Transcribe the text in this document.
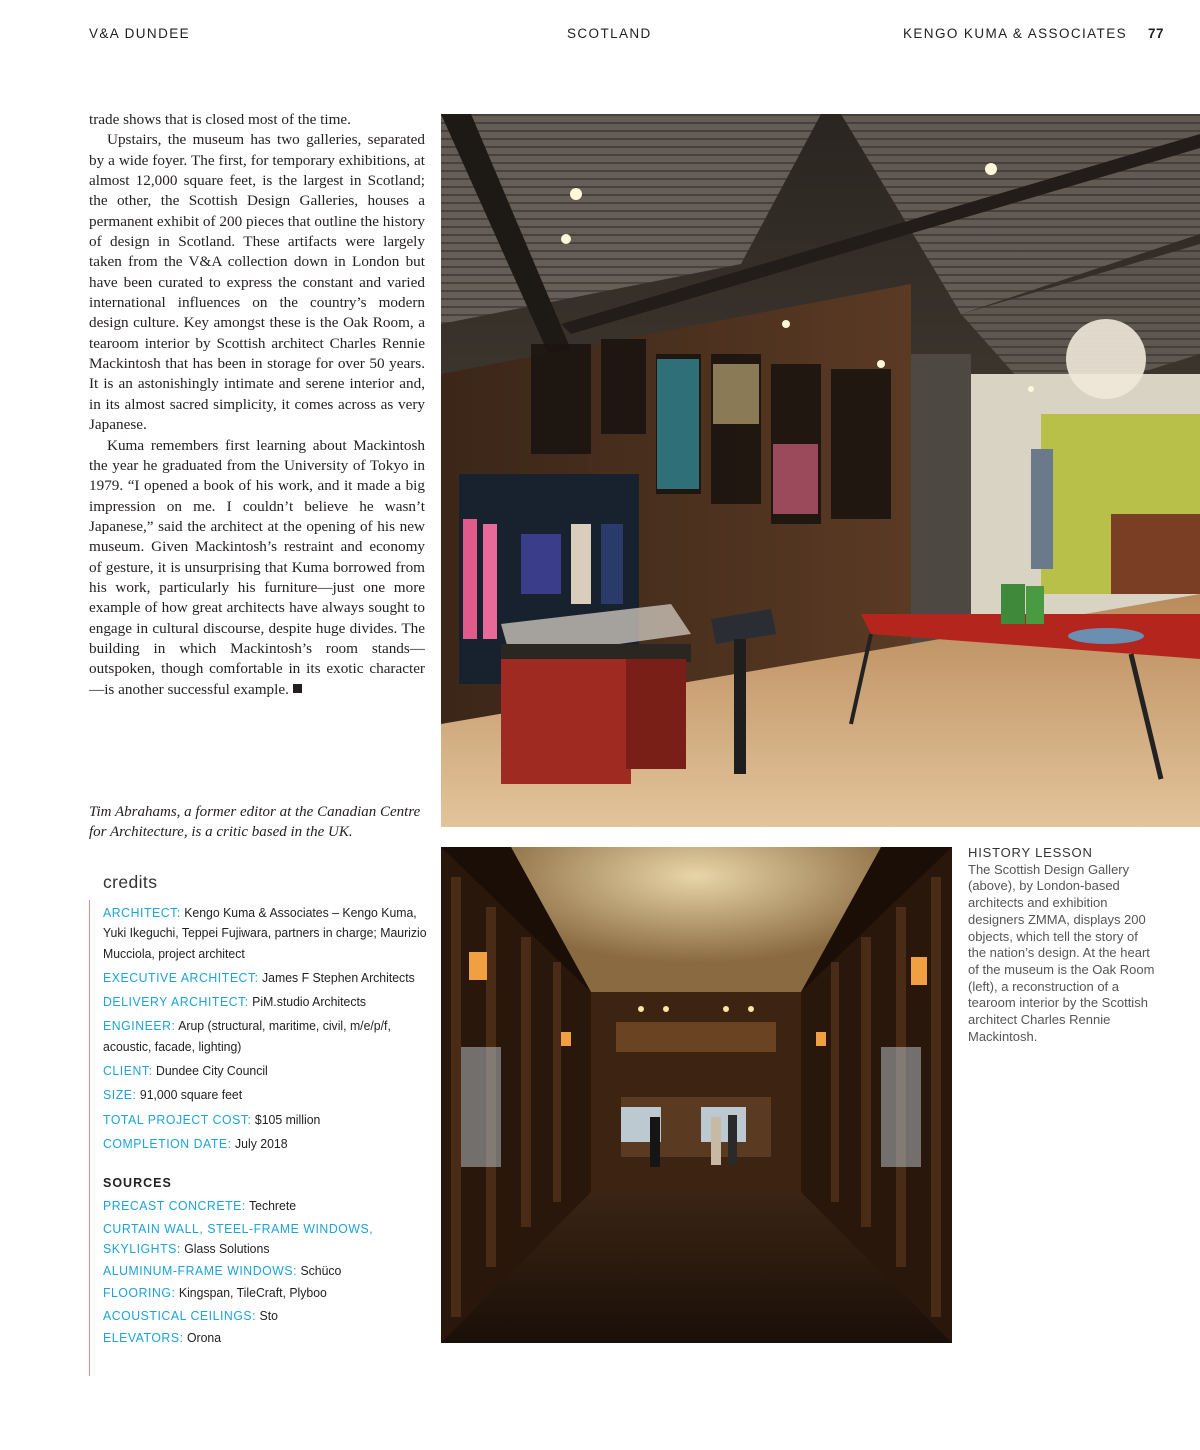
V&A DUNDEE	SCOTLAND	KENGO KUMA & ASSOCIATES 77

trade shows that is closed most of the time.

Upstairs, the museum has two galleries, separated by a wide foyer. The first, for temporary exhibitions, at almost 12,000 square feet, is the largest in Scotland; the other, the Scottish Design Galleries, houses a permanent exhibit of 200 pieces that outline the history of design in Scotland. These artifacts were largely taken from the V&A collection down in London but have been curated to express the constant and varied international influences on the country’s modern design culture. Key amongst these is the Oak Room, a tearoom interior by Scottish architect Charles Rennie Mackintosh that has been in storage for over 50 years. It is an astonishingly intimate and serene interior and, in its almost sacred simplicity, it comes across as very Japanese.

Kuma remembers first learning about Mackintosh the year he graduated from the University of Tokyo in 1979. “I opened a book of his work, and it made a big impression on me. I couldn’t believe he wasn’t Japanese,” said the architect at the opening of his new museum. Given Mackintosh’s restraint and economy of gesture, it is unsurprising that Kuma borrowed from his work, particularly his furniture—just one more example of how great architects have always sought to engage in cultural discourse, despite huge divides. The building in which Mackintosh’s room stands—outspoken, though comfortable in its exotic character—is another successful example.

Tim Abrahams, a former editor at the Canadian Centre for Architecture, is a critic based in the UK.
credits
ARCHITECT: Kengo Kuma & Associates – Kengo Kuma, Yuki Ikeguchi, Teppei Fujiwara, partners in charge; Maurizio Mucciola, project architect
EXECUTIVE ARCHITECT: James F Stephen Architects
DELIVERY ARCHITECT: PiM.studio Architects
ENGINEER: Arup (structural, maritime, civil, m/e/p/f, acoustic, facade, lighting)
CLIENT: Dundee City Council
SIZE: 91,000 square feet
TOTAL PROJECT COST: $105 million
COMPLETION DATE: July 2018
SOURCES
PRECAST CONCRETE: Techrete
CURTAIN WALL, STEEL-FRAME WINDOWS, SKYLIGHTS: Glass Solutions
ALUMINUM-FRAME WINDOWS: Schüco
FLOORING: Kingspan, TileCraft, Plyboo
ACOUSTICAL CEILINGS: Sto
ELEVATORS: Orona
HISTORY LESSON
The Scottish Design Gallery (above), by London-based architects and exhibition designers ZMMA, displays 200 objects, which tell the story of the nation’s design. At the heart of the museum is the Oak Room (left), a reconstruction of a tearoom interior by the Scottish architect Charles Rennie Mackintosh.
